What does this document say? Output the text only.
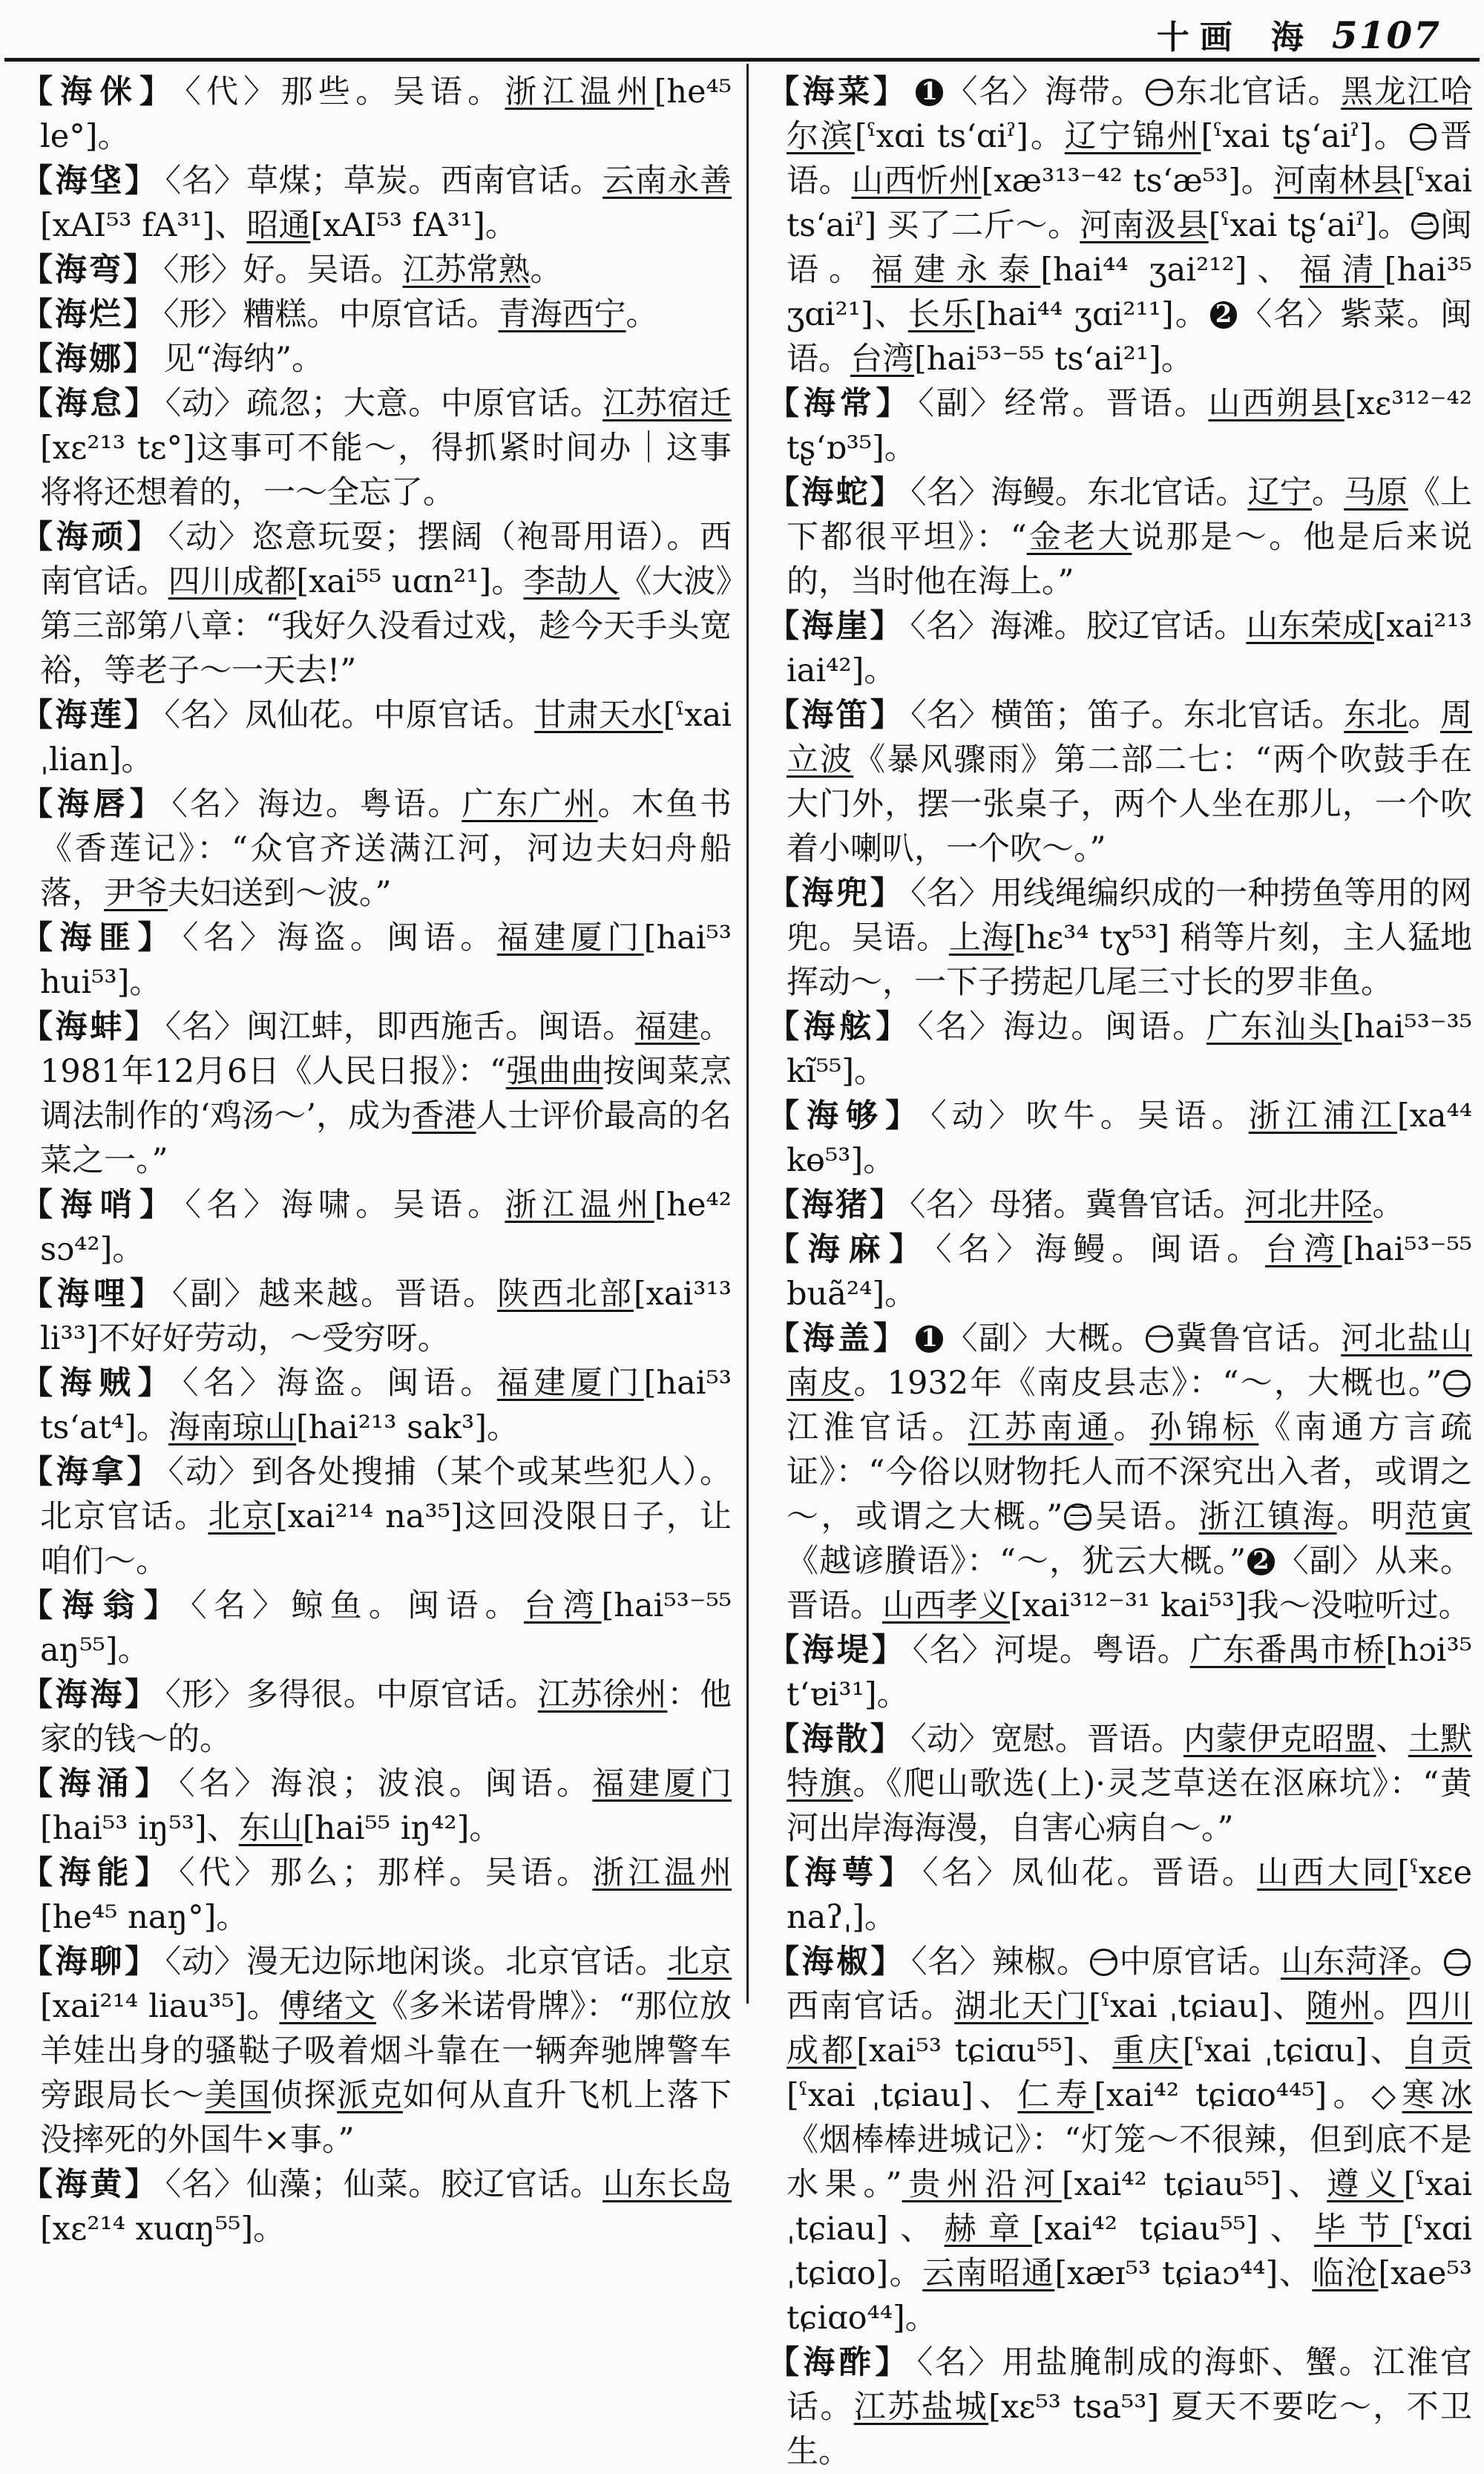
十画 海 5107

【海侎】 〈代〉那些。吴语。浙江温州[he⁴⁵ le°]。

【海垡】 〈名〉草煤；草炭。西南官话。云南永善[xAI⁵³ fA³¹]、昭通[xAI⁵³ fA³¹]。

【海弯】 〈形〉好。吴语。江苏常熟。

【海烂】 〈形〉糟糕。中原官话。青海西宁。

【海娜】 见“海纳”。

【海怠】 〈动〉疏忽；大意。中原官话。江苏宿迁[xε²¹³ tε°]这事可不能～，得抓紧时间办｜这事将将还想着的，一～全忘了。

【海顽】 〈动〉恣意玩耍；摆阔（袍哥用语）。西南官话。四川成都[xai⁵⁵ uɑn²¹]。李劼人《大波》第三部第八章：“我好久没看过戏，趁今天手头宽裕，等老子～一天去!”

【海莲】 〈名〉凤仙花。中原官话。甘肃天水[ˤxai ˌlian]。

【海唇】 〈名〉海边。粤语。广东广州。木鱼书《香莲记》：“众官齐送满江河，河边夫妇舟船落，尹爷夫妇送到～波。”

【海匪】 〈名〉海盗。闽语。福建厦门[hai⁵³ hui⁵³]。

【海蚌】 〈名〉闽江蚌，即西施舌。闽语。福建。1981年12月6日《人民日报》：“强曲曲按闽菜烹调法制作的‘鸡汤～’，成为香港人士评价最高的名菜之一。”

【海哨】 〈名〉海啸。吴语。浙江温州[he⁴² sɔ⁴²]。

【海哩】 〈副〉越来越。晋语。陕西北部[xai³¹³ li³³]不好好劳动，～受穷呀。

【海贼】 〈名〉海盗。闽语。福建厦门[hai⁵³ tsʻat⁴]。海南琼山[hai²¹³ sak³]。

【海拿】 〈动〉到各处搜捕（某个或某些犯人）。北京官话。北京[xai²¹⁴ na³⁵]这回没限日子，让咱们～。

【海翁】 〈名〉鲸鱼。闽语。台湾[hai⁵³⁻⁵⁵ aŋ⁵⁵]。

【海海】 〈形〉多得很。中原官话。江苏徐州：他家的钱～的。

【海涌】 〈名〉海浪；波浪。闽语。福建厦门[hai⁵³ iŋ⁵³]、东山[hai⁵⁵ iŋ⁴²]。

【海能】 〈代〉那么；那样。吴语。浙江温州[he⁴⁵ naŋ°]。

【海聊】 〈动〉漫无边际地闲谈。北京官话。北京[xai²¹⁴ liau³⁵]。傅绪文《多米诺骨牌》：“那位放羊娃出身的骚鞑子吸着烟斗靠在一辆奔驰牌警车旁跟局长～美国侦探派克如何从直升飞机上落下没摔死的外国牛×事。”

【海黄】 〈名〉仙藻；仙菜。胶辽官话。山东长岛[xε²¹⁴ xuɑŋ⁵⁵]。

【海菜】 1 〈名〉海带。 一东北官话。黑龙江哈尔滨[ˤxɑi tsʻɑiˀ]。辽宁锦州[ˤxai tʂʻaiˀ]。 二晋语。山西忻州[xæ³¹³⁻⁴² tsʻæ⁵³]。河南林县[ˤxai tsʻaiˀ] 买了二斤～。河南汲县[ˤxai tʂʻaiˀ]。 三闽语。福建永泰[hai⁴⁴ ʒai²¹²]、福清[hai³⁵ ʒɑi²¹]、长乐[hai⁴⁴ ʒɑi²¹¹]。 2 〈名〉紫菜。闽语。台湾[hai⁵³⁻⁵⁵ tsʻai²¹]。

【海常】 〈副〉经常。晋语。山西朔县[xε³¹²⁻⁴² tʂʻɒ³⁵]。

【海蛇】 〈名〉海鳗。东北官话。辽宁。马原《上下都很平坦》：“金老大说那是～。他是后来说的，当时他在海上。”

【海崖】 〈名〉海滩。胶辽官话。山东荣成[xai²¹³ iai⁴²]。

【海笛】 〈名〉横笛；笛子。东北官话。东北。周立波《暴风骤雨》第二部二七：“两个吹鼓手在大门外，摆一张桌子，两个人坐在那儿，一个吹着小喇叭，一个吹～。”

【海兜】 〈名〉用线绳编织成的一种捞鱼等用的网兜。吴语。上海[hε³⁴ tɣ⁵³] 稍等片刻，主人猛地挥动～，一下子捞起几尾三寸长的罗非鱼。

【海舷】 〈名〉海边。闽语。广东汕头[hai⁵³⁻³⁵ kĩ⁵⁵]。

【海够】 〈动〉吹牛。吴语。浙江浦江[xa⁴⁴ kɵ⁵³]。

【海猪】 〈名〉母猪。冀鲁官话。河北井陉。

【海麻】 〈名〉海鳗。闽语。台湾[hai⁵³⁻⁵⁵ buã²⁴]。

【海盖】 1 〈副〉大概。 一冀鲁官话。河北盐山　南皮。1932年《南皮县志》：“～，大概也。” 二江淮官话。江苏南通。孙锦标《南通方言疏证》：“今俗以财物托人而不深究出入者，或谓之～，或谓之大概。” 三吴语。浙江镇海。明范寅《越谚賸语》：“～，犹云大概。” 2 〈副〉从来。晋语。山西孝义[xai³¹²⁻³¹ kai⁵³]我～没啦听过。

【海堤】 〈名〉河堤。粤语。广东番禺市桥[hɔi³⁵ tʻɐi³¹]。

【海散】 〈动〉宽慰。晋语。内蒙伊克昭盟、土默特旗。《爬山歌选(上)·灵芝草送在沤麻坑》：“黄河出岸海海漫，自害心病自～。”

【海萼】 〈名〉凤仙花。晋语。山西大同[ˤxεe naʔˌ]。

【海椒】 〈名〉辣椒。 一中原官话。山东菏泽。 二西南官话。湖北天门[ˤxai ˌtɕiau]、随州。四川成都[xai⁵³ tɕiɑu⁵⁵]、重庆[ˤxai ˌtɕiɑu]、自贡[ˤxai ˌtɕiau]、仁寿[xai⁴² tɕiɑo⁴⁴⁵]。◇寒冰《烟棒棒进城记》：“灯笼～不很辣，但到底不是水果。”贵州沿河[xai⁴² tɕiau⁵⁵]、遵义[ˤxai ˌtɕiau]、赫章[xai⁴² tɕiau⁵⁵]、毕节[ˤxɑi ˌtɕiɑo]。云南昭通[xæɪ⁵³ tɕiaɔ⁴⁴]、临沧[xae⁵³ tɕiɑo⁴⁴]。

【海酢】 〈名〉用盐腌制成的海虾、蟹。江淮官话。江苏盐城[xε⁵³ tsa⁵³] 夏天不要吃～，不卫生。
